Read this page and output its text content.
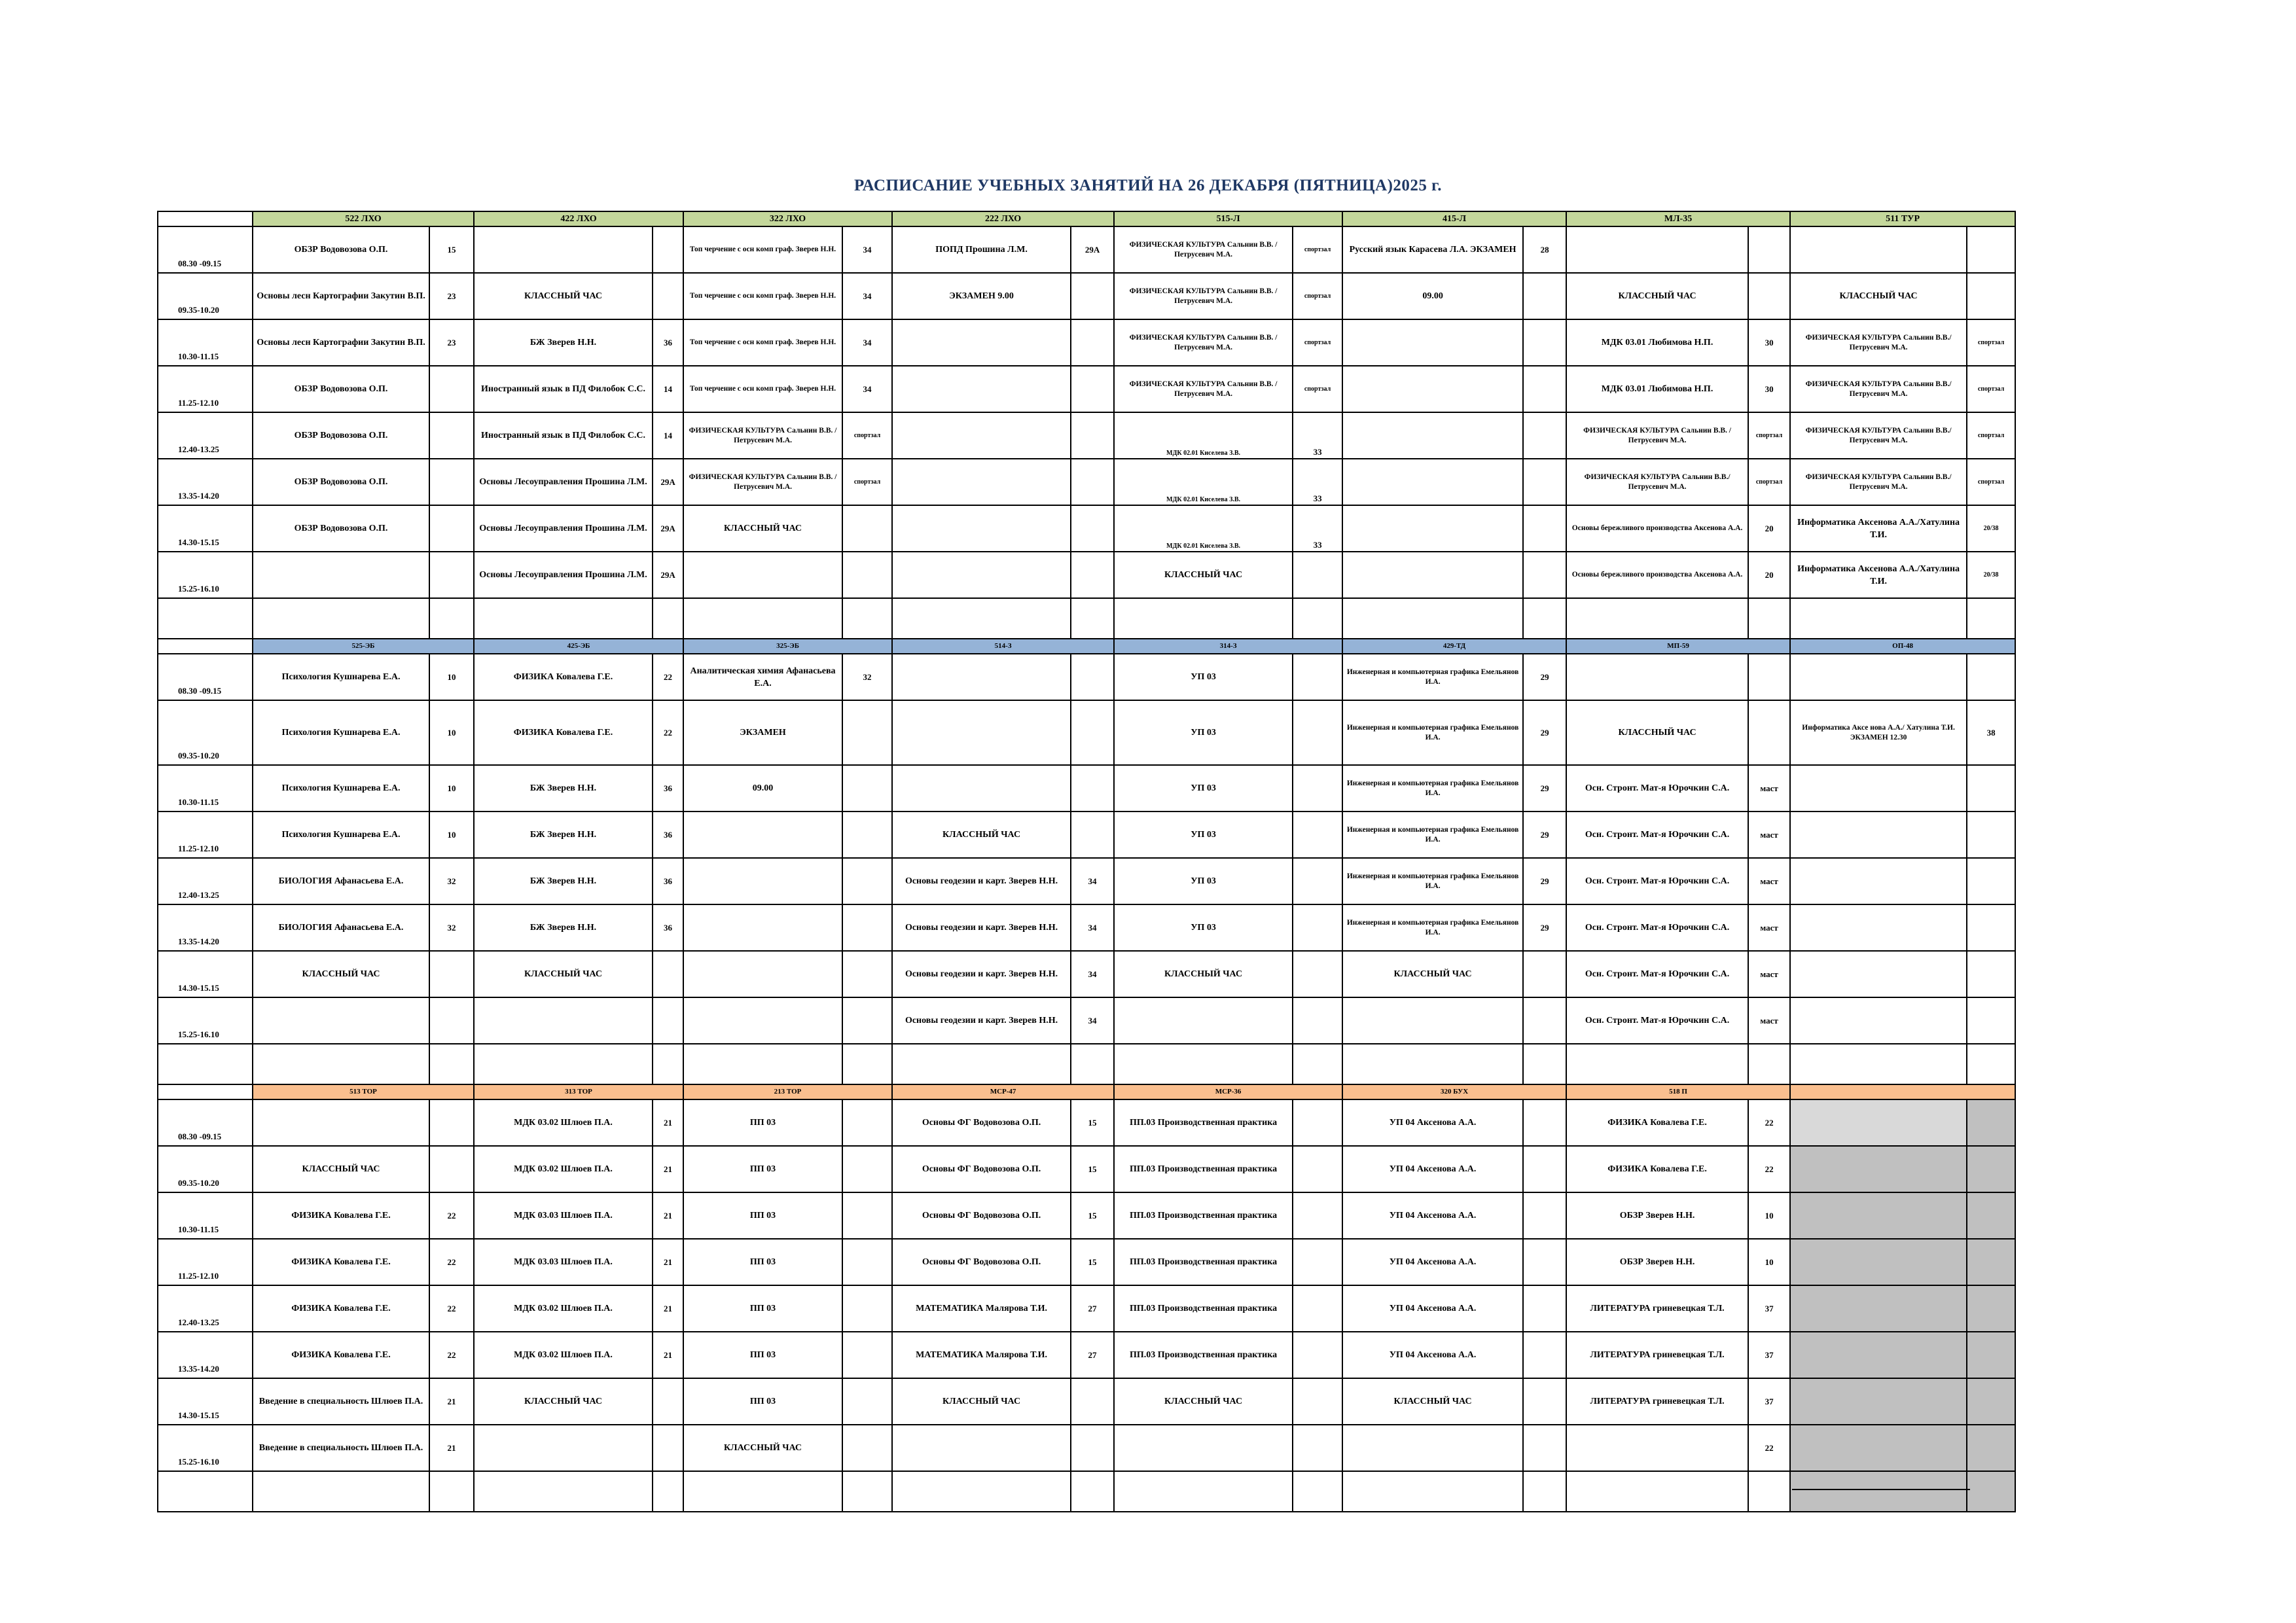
РАСПИСАНИЕ УЧЕБНЫХ ЗАНЯТИЙ НА 26 ДЕКАБРЯ (ПЯТНИЦА)2025 г.
	522 ЛХО		422 ЛХО		322 ЛХО		222 ЛХО		515-Л		415-Л		МЛ-35		511 ТУР	
08.30 -09.15	ОБЗР Водовозова О.П.	15			Топ черчение с осн комп граф. Зверев Н.Н.	34	ПОПД Прошина Л.М.	29А	ФИЗИЧЕСКАЯ КУЛЬТУРА Сальнин В.В. /Петрусевич М.А.	спортзал	Русский язык Карасева Л.А. ЭКЗАМЕН	28				
09.35-10.20	Основы лесн Картографии Закутин В.П.	23	КЛАССНЫЙ ЧАС		Топ черчение с осн комп граф. Зверев Н.Н.	34	ЭКЗАМЕН 9.00		ФИЗИЧЕСКАЯ КУЛЬТУРА Сальнин В.В. /Петрусевич М.А.	спортзал	09.00		КЛАССНЫЙ ЧАС		КЛАССНЫЙ ЧАС	
10.30-11.15	Основы лесн Картографии Закутин В.П.	23	БЖ Зверев Н.Н.	36	Топ черчение с осн комп граф. Зверев Н.Н.	34			ФИЗИЧЕСКАЯ КУЛЬТУРА Сальнин В.В. /Петрусевич М.А.	спортзал			МДК 03.01 Любимова Н.П.	30	ФИЗИЧЕСКАЯ КУЛЬТУРА Сальнин В.В./Петрусевич М.А.	спортзал
11.25-12.10	ОБЗР Водовозова О.П.		Иностранный язык в ПД Филобок С.С.	14	Топ черчение с осн комп граф. Зверев Н.Н.	34			ФИЗИЧЕСКАЯ КУЛЬТУРА Сальнин В.В. /Петрусевич М.А.	спортзал			МДК 03.01 Любимова Н.П.	30	ФИЗИЧЕСКАЯ КУЛЬТУРА Сальнин В.В./Петрусевич М.А.	спортзал
12.40-13.25	ОБЗР Водовозова О.П.		Иностранный язык в ПД Филобок С.С.	14	ФИЗИЧЕСКАЯ КУЛЬТУРА Сальнин В.В. /Петрусевич М.А.	спортзал			МДК 02.01 Киселева З.В.	33			ФИЗИЧЕСКАЯ КУЛЬТУРА Сальнин В.В. /Петрусевич М.А.	спортзал	ФИЗИЧЕСКАЯ КУЛЬТУРА Сальнин В.В./Петрусевич М.А.	спортзал
13.35-14.20	ОБЗР Водовозова О.П.		Основы Лесоуправления Прошина Л.М.	29А	ФИЗИЧЕСКАЯ КУЛЬТУРА Сальнин В.В. /Петрусевич М.А.	спортзал			МДК 02.01 Киселева З.В.	33			ФИЗИЧЕСКАЯ КУЛЬТУРА Сальнин В.В./Петрусевич М.А.	спортзал	ФИЗИЧЕСКАЯ КУЛЬТУРА Сальнин В.В./Петрусевич М.А.	спортзал
14.30-15.15	ОБЗР Водовозова О.П.		Основы Лесоуправления Прошина Л.М.	29А	КЛАССНЫЙ ЧАС				МДК 02.01 Киселева З.В.	33			Основы бережливого производства Аксенова А.А.	20	Информатика Аксенова А.А./Хатулина Т.И.	20/38
15.25-16.10			Основы Лесоуправления Прошина Л.М.	29А					КЛАССНЫЙ ЧАС				Основы бережливого производства Аксенова А.А.	20	Информатика Аксенова А.А./Хатулина Т.И.	20/38

	525-ЭБ		425-ЭБ		325-ЭБ		514-З		314-З		429-ТД		МП-59		ОП-48	
08.30 -09.15	Психология Кушнарева Е.А.	10	ФИЗИКА Ковалева Г.Е.	22	Аналитическая химия Афанасьева Е.А.	32			УП 03		Инженерная и компьютерная графика Емельянов И.А.	29				
09.35-10.20	Психология Кушнарева Е.А.	10	ФИЗИКА Ковалева Г.Е.	22	ЭКЗАМЕН				УП 03		Инженерная и компьютерная графика Емельянов И.А.	29	КЛАССНЫЙ ЧАС		Информатика Аксе нова А.А./ Хатулина Т.И. ЭКЗАМЕН 12.30	38
10.30-11.15	Психология Кушнарева Е.А.	10	БЖ Зверев Н.Н.	36	09.00				УП 03		Инженерная и компьютерная графика Емельянов И.А.	29	Осн. Стронт. Мат-я Юрочкин С.А.	маст		
11.25-12.10	Психология Кушнарева Е.А.	10	БЖ Зверев Н.Н.	36			КЛАССНЫЙ ЧАС		УП 03		Инженерная и компьютерная графика Емельянов И.А.	29	Осн. Стронт. Мат-я Юрочкин С.А.	маст		
12.40-13.25	БИОЛОГИЯ Афанасьева Е.А.	32	БЖ Зверев Н.Н.	36			Основы геодезии и карт. Зверев Н.Н.	34	УП 03		Инженерная и компьютерная графика Емельянов И.А.	29	Осн. Стронт. Мат-я Юрочкин С.А.	маст		
13.35-14.20	БИОЛОГИЯ Афанасьева Е.А.	32	БЖ Зверев Н.Н.	36			Основы геодезии и карт. Зверев Н.Н.	34	УП 03		Инженерная и компьютерная графика Емельянов И.А.	29	Осн. Стронт. Мат-я Юрочкин С.А.	маст		
14.30-15.15	КЛАССНЫЙ ЧАС		КЛАССНЫЙ ЧАС				Основы геодезии и карт. Зверев Н.Н.	34	КЛАССНЫЙ ЧАС		КЛАССНЫЙ ЧАС		Осн. Стронт. Мат-я Юрочкин С.А.	маст		
15.25-16.10							Основы геодезии и карт. Зверев Н.Н.	34					Осн. Стронт. Мат-я Юрочкин С.А.	маст		

	513 ТОР		313 ТОР		213 ТОР		МСР-47		МСР-36		320 БУХ		518 П			
08.30 -09.15			МДК 03.02 Шлюев П.А.	21	ПП 03		Основы ФГ Водовозова О.П.	15	ПП.03 Производственная практика		УП 04 Аксенова А.А.		ФИЗИКА Ковалева Г.Е.	22		
09.35-10.20	КЛАССНЫЙ ЧАС		МДК 03.02 Шлюев П.А.	21	ПП 03		Основы ФГ Водовозова О.П.	15	ПП.03 Производственная практика		УП 04 Аксенова А.А.		ФИЗИКА Ковалева Г.Е.	22		
10.30-11.15	ФИЗИКА Ковалева Г.Е.	22	МДК 03.03 Шлюев П.А.	21	ПП 03		Основы ФГ Водовозова О.П.	15	ПП.03 Производственная практика		УП 04 Аксенова А.А.		ОБЗР Зверев Н.Н.	10		
11.25-12.10	ФИЗИКА Ковалева Г.Е.	22	МДК 03.03 Шлюев П.А.	21	ПП 03		Основы ФГ Водовозова О.П.	15	ПП.03 Производственная практика		УП 04 Аксенова А.А.		ОБЗР Зверев Н.Н.	10		
12.40-13.25	ФИЗИКА Ковалева Г.Е.	22	МДК 03.02 Шлюев П.А.	21	ПП 03		МАТЕМАТИКА Малярова Т.И.	27	ПП.03 Производственная практика		УП 04 Аксенова А.А.		ЛИТЕРАТУРА гриневецкая Т.Л.	37		
13.35-14.20	ФИЗИКА Ковалева Г.Е.	22	МДК 03.02 Шлюев П.А.	21	ПП 03		МАТЕМАТИКА Малярова Т.И.	27	ПП.03 Производственная практика		УП 04 Аксенова А.А.		ЛИТЕРАТУРА гриневецкая Т.Л.	37		
14.30-15.15	Введение в специальность Шлюев П.А.	21	КЛАССНЫЙ ЧАС		ПП 03		КЛАССНЫЙ ЧАС		КЛАССНЫЙ ЧАС		КЛАССНЫЙ ЧАС		ЛИТЕРАТУРА гриневецкая Т.Л.	37		
15.25-16.10	Введение в специальность Шлюев П.А.	21			КЛАССНЫЙ ЧАС									22		
